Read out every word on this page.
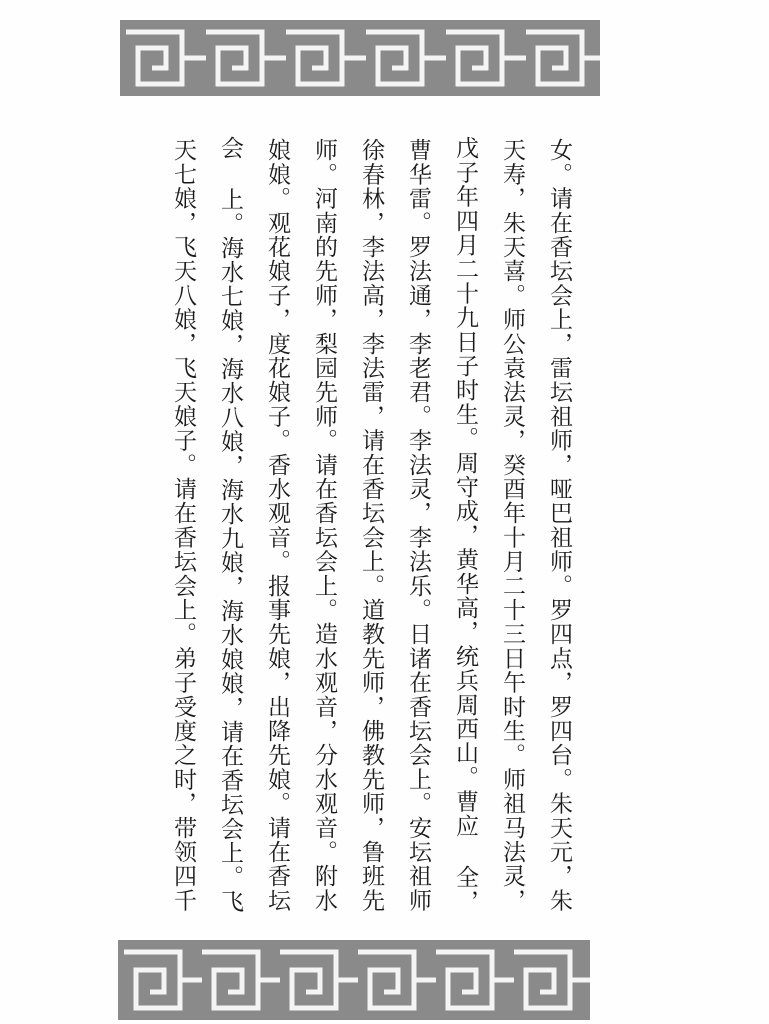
女。请在香坛会上，雷坛祖师，哑巴祖师。罗四点，罗四台。朱天元，朱
天寿，朱天喜。师公袁法灵，癸酉年十月二十三日午时生。师祖马法灵，
戊子年四月二十九日子时生。周守成，黄华高，统兵周西山。曹应 全，
曹华雷。罗法通，李老君。李法灵，李法乐。日诸在香坛会上。安坛祖师
徐春林，李法高，李法雷，请在香坛会上。道教先师，佛教先师，鲁班先
师。河南的先师，梨园先师。请在香坛会上。造水观音，分水观音。附水
娘娘。观花娘子，度花娘子。香水观音。报事先娘，出降先娘。请在香坛
会 上。海水七娘，海水八娘，海水九娘，海水娘娘，请在香坛会上。飞
天七娘，飞天八娘，飞天娘子。请在香坛会上。弟子受度之时，带领四千
